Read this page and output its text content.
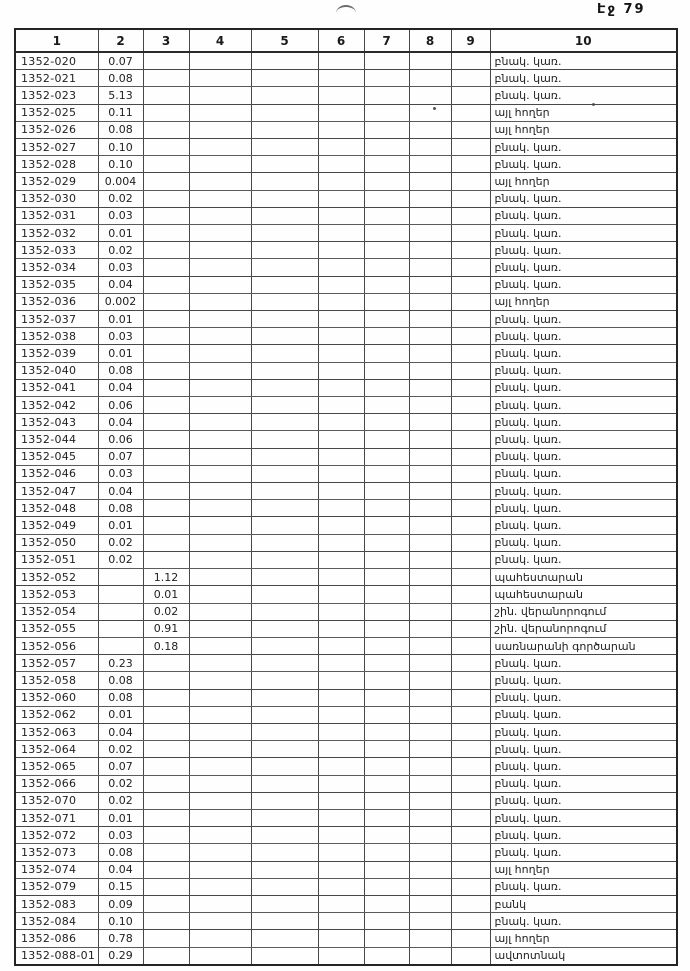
Էջ 79
1	2	3	4	5	6	7	8	9	10
1352-020	0.07								բնակ. կառ.
1352-021	0.08								բնակ. կառ.
1352-023	5.13								բնակ. կառ.
1352-025	0.11								այլ հողեր
1352-026	0.08								այլ հողեր
1352-027	0.10								բնակ. կառ.
1352-028	0.10								բնակ. կառ.
1352-029	0.004								այլ հողեր
1352-030	0.02								բնակ. կառ.
1352-031	0.03								բնակ. կառ.
1352-032	0.01								բնակ. կառ.
1352-033	0.02								բնակ. կառ.
1352-034	0.03								բնակ. կառ.
1352-035	0.04								բնակ. կառ.
1352-036	0.002								այլ հողեր
1352-037	0.01								բնակ. կառ.
1352-038	0.03								բնակ. կառ.
1352-039	0.01								բնակ. կառ.
1352-040	0.08								բնակ. կառ.
1352-041	0.04								բնակ. կառ.
1352-042	0.06								բնակ. կառ.
1352-043	0.04								բնակ. կառ.
1352-044	0.06								բնակ. կառ.
1352-045	0.07								բնակ. կառ.
1352-046	0.03								բնակ. կառ.
1352-047	0.04								բնակ. կառ.
1352-048	0.08								բնակ. կառ.
1352-049	0.01								բնակ. կառ.
1352-050	0.02								բնակ. կառ.
1352-051	0.02								բնակ. կառ.
1352-052		1.12							պահեստարան
1352-053		0.01							պահեստարան
1352-054		0.02							շին. վերանորոգում
1352-055		0.91							շին. վերանորոգում
1352-056		0.18							սառնարանի գործարան
1352-057	0.23								բնակ. կառ.
1352-058	0.08								բնակ. կառ.
1352-060	0.08								բնակ. կառ.
1352-062	0.01								բնակ. կառ.
1352-063	0.04								բնակ. կառ.
1352-064	0.02								բնակ. կառ.
1352-065	0.07								բնակ. կառ.
1352-066	0.02								բնակ. կառ.
1352-070	0.02								բնակ. կառ.
1352-071	0.01								բնակ. կառ.
1352-072	0.03								բնակ. կառ.
1352-073	0.08								բնակ. կառ.
1352-074	0.04								այլ հողեր
1352-079	0.15								բնակ. կառ.
1352-083	0.09								բանկ
1352-084	0.10								բնակ. կառ.
1352-086	0.78								այլ հողեր
1352-088-01	0.29								ավտոտնակ
